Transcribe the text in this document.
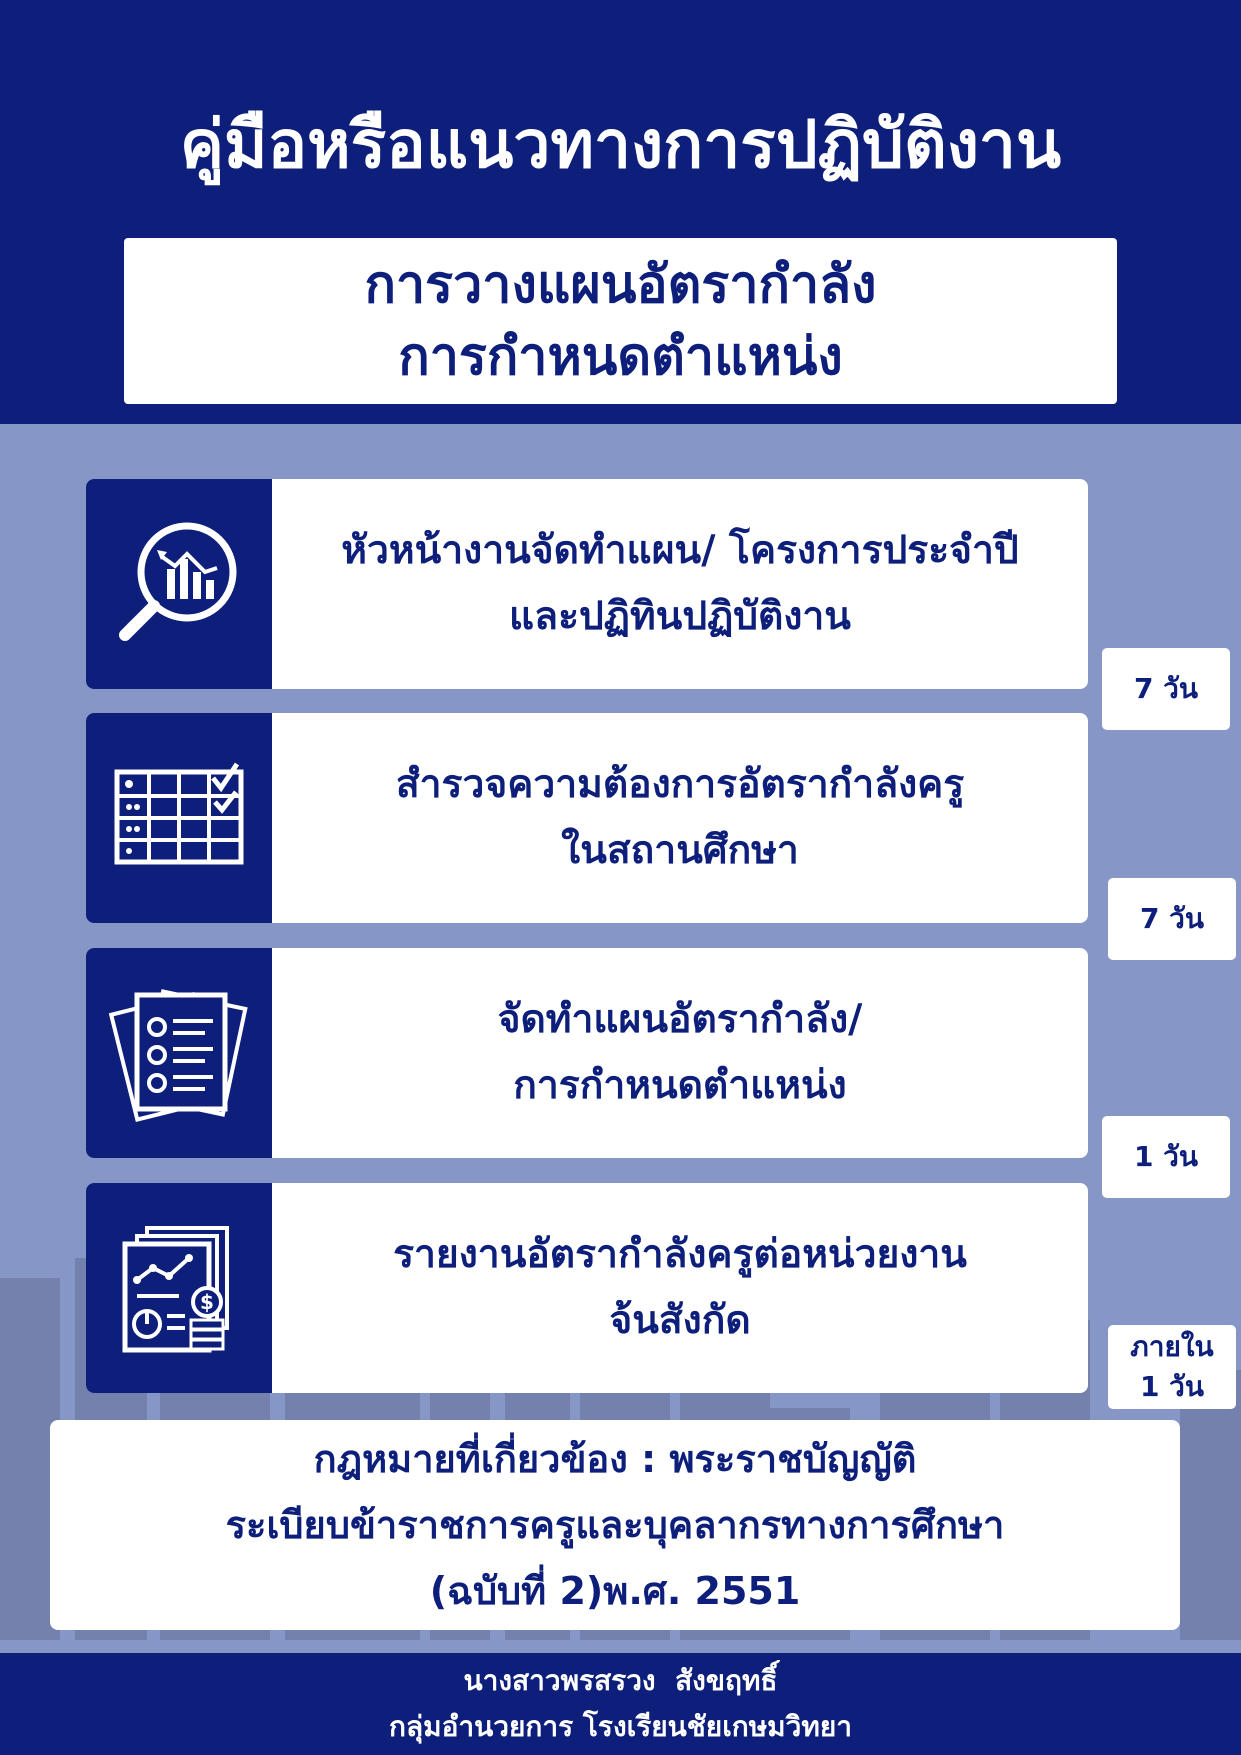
คู่มือหรือแนวทางการปฏิบัติงาน
การวางแผนอัตรากำลัง
การกำหนดตำแหน่ง
หัวหน้างานจัดทำแผน/ โครงการประจำปี
และปฏิทินปฏิบัติงาน
สำรวจความต้องการอัตรากำลังครู
ในสถานศึกษา
จัดทำแผนอัตรากำลัง/
การกำหนดตำแหน่ง
$
รายงานอัตรากำลังครูต่อหน่วยงาน
จ้นสังกัด
7 วัน
7 วัน
1 วัน
ภายใน
1 วัน
กฎหมายที่เกี่ยวข้อง : พระราชบัญญัติ
ระเบียบข้าราชการครูและบุคลากรทางการศึกษา
(ฉบับที่ 2)พ.ศ. 2551
นางสาวพรสรวง  สังขฤทธิ์
กลุ่มอำนวยการ โรงเรียนชัยเกษมวิทยา
